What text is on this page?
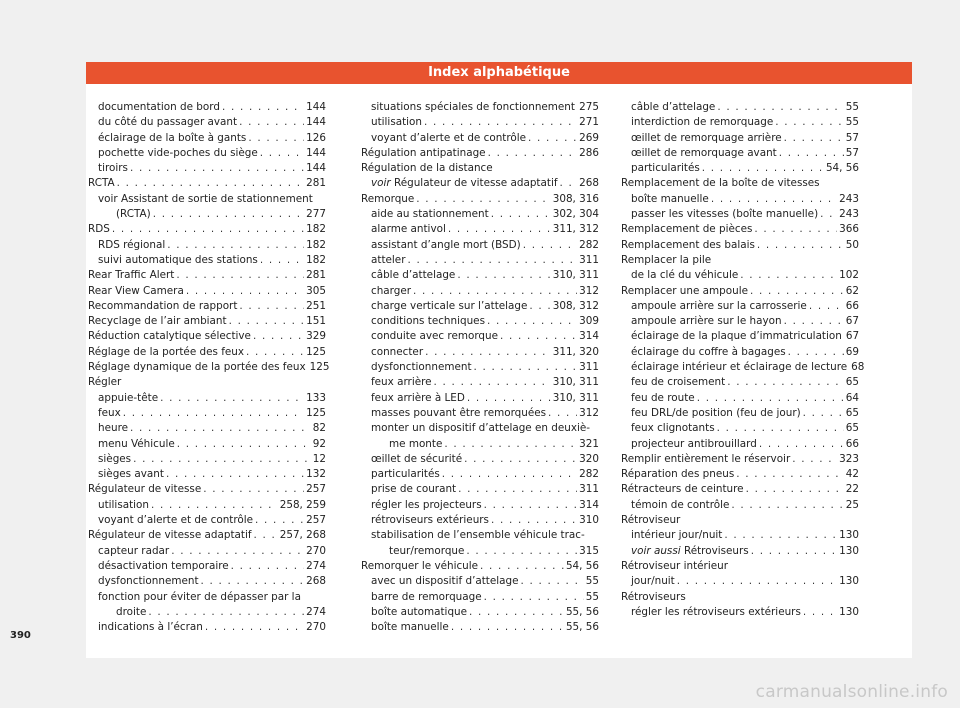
Index alphabétique
documentation de bord . . .	144
du côté du passager avant . . .	144
éclairage de la boîte à gants . . .	126
pochette vide-poches du siège . . .	144
tiroirs . . .	144
RCTA . . .	281
voir Assistant de sortie de stationnement
(RCTA) . . .	277
RDS . . .	182
RDS régional . . .	182
suivi automatique des stations . . .	182
Rear Traffic Alert . . .	281
Rear View Camera . . .	305
Recommandation de rapport . . .	251
Recyclage de l’air ambiant . . .	151
Réduction catalytique sélective . . .	329
Réglage de la portée des feux . . .	125
Réglage dynamique de la portée des feux 125
Régler
appuie-tête . . .	133
feux . . .	125
heure . . .	82
menu Véhicule . . .	92
sièges . . .	12
sièges avant . . .	132
Régulateur de vitesse . . .	257
utilisation . . .	258, 259
voyant d’alerte et de contrôle . . .	257
Régulateur de vitesse adaptatif . . .	257, 268
capteur radar . . .	270
désactivation temporaire . . .	274
dysfonctionnement . . .	268
fonction pour éviter de dépasser par la
droite . . .	274
indications à l’écran . . .	270
situations spéciales de fonctionnement . . . 275
utilisation . . .	271
voyant d’alerte et de contrôle . . .	269
Régulation antipatinage . . .	286
Régulation de la distance
voir Régulateur de vitesse adaptatif . . . 268
Remorque . . .	308, 316
aide au stationnement . . .	302, 304
alarme antivol . . .	311, 312
assistant d’angle mort (BSD) . . .	282
atteler . . .	311
câble d’attelage . . .	310, 311
charger . . .	312
charge verticale sur l’attelage . . . 308, 312
conditions techniques . . .	309
conduite avec remorque . . .	314
connecter . . .	311, 320
dysfonctionnement . . .	311
feux arrière . . .	310, 311
feux arrière à LED . . .	310, 311
masses pouvant être remorquées . . .	312
monter un dispositif d’attelage en deuxiè-
me monte . . .	321
œillet de sécurité . . .	320
particularités . . .	282
prise de courant . . .	311
régler les projecteurs . . .	314
rétroviseurs extérieurs . . .	310
stabilisation de l’ensemble véhicule trac-
teur/remorque . . .	315
Remorquer le véhicule . . .	54, 56
avec un dispositif d’attelage . . .	55
barre de remorquage . . .	55
boîte automatique . . .	55, 56
boîte manuelle . . .	55, 56
câble d’attelage . . .	55
interdiction de remorquage . . .	55
œillet de remorquage arrière . . .	57
œillet de remorquage avant . . .	57
particularités . . .	54, 56
Remplacement de la boîte de vitesses
boîte manuelle . . .	243
passer les vitesses (boîte manuelle) . . . 243
Remplacement de pièces . . .	366
Remplacement des balais . . .	50
Remplacer la pile
de la clé du véhicule . . .	102
Remplacer une ampoule . . .	62
ampoule arrière sur la carrosserie . . .	66
ampoule arrière sur le hayon . . .	67
éclairage de la plaque d’immatriculation 67
éclairage du coffre à bagages . . .	69
éclairage intérieur et éclairage de lecture 68
feu de croisement . . .	65
feu de route . . .	64
feu DRL/de position (feu de jour) . . .	65
feux clignotants . . .	65
projecteur antibrouillard . . .	66
Remplir entièrement le réservoir . . .	323
Réparation des pneus . . .	42
Rétracteurs de ceinture . . .	22
témoin de contrôle . . .	25
Rétroviseur
intérieur jour/nuit . . .	130
voir aussi Rétroviseurs . . .	130
Rétroviseur intérieur
jour/nuit . . .	130
Rétroviseurs
régler les rétroviseurs extérieurs . . .	130
390
carmanualsonline.info
